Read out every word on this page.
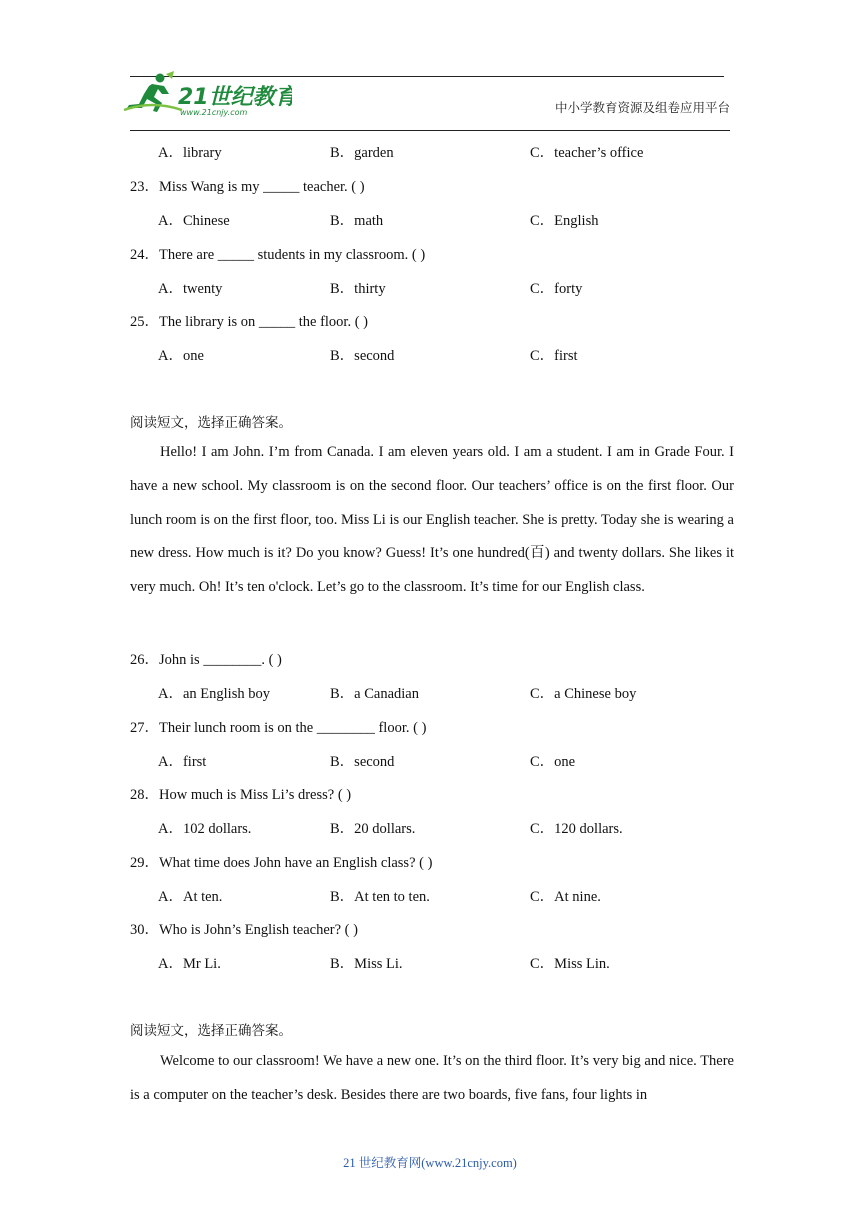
21世纪教育
www.21cnjy.com	中小学教育资源及组卷应用平台
A．library	B．garden	C．teacher’s office
23．Miss Wang is my _____ teacher. ( )
A．Chinese	B．math	C．English
24．There are _____ students in my classroom. ( )
A．twenty	B．thirty	C．forty
25．The library is on _____ the floor. ( )
A．one	B．second	C．first
阅读短文，选择正确答案。
Hello! I am John. I’m from Canada. I am eleven years old. I am a student. I am in Grade Four. I have a new school. My classroom is on the second floor. Our teachers’ office is on the first floor. Our lunch room is on the first floor, too. Miss Li is our English teacher. She is pretty. Today she is wearing a new dress. How much is it? Do you know? Guess! It’s one hundred(百) and twenty dollars. She likes it very much. Oh! It’s ten o'clock. Let’s go to the classroom. It’s time for our English class.
26．John is ________. ( )
A．an English boy	B．a Canadian	C．a Chinese boy
27．Their lunch room is on the ________ floor. ( )
A．first	B．second	C．one
28．How much is Miss Li’s dress? ( )
A．102 dollars.	B．20 dollars.	C．120 dollars.
29．What time does John have an English class? ( )
A．At ten.	B．At ten to ten.	C．At nine.
30．Who is John’s English teacher? ( )
A．Mr Li.	B．Miss Li.	C．Miss Lin.
阅读短文，选择正确答案。
Welcome to our classroom! We have a new one. It’s on the third floor. It’s very big and nice. There is a computer on the teacher’s desk. Besides there are two boards, five fans, four lights in
21 世纪教育网(www.21cnjy.com)
